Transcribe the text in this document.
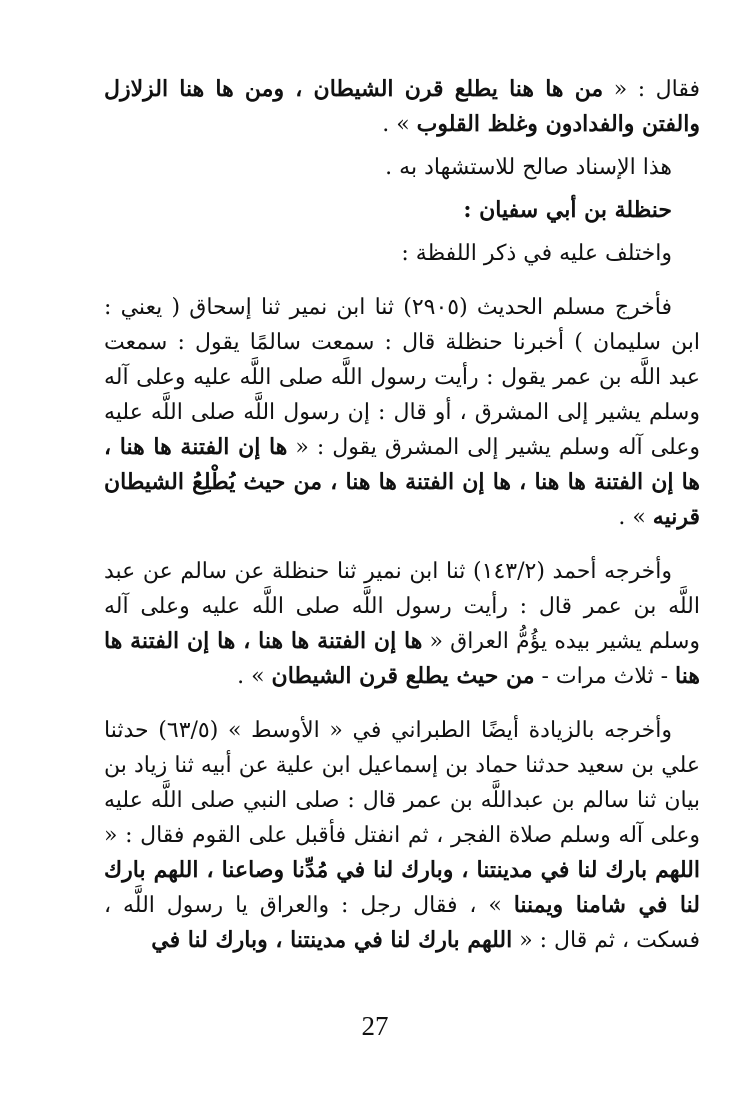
فقال : « من ها هنا يطلع قرن الشيطان ، ومن ها هنا الزلازل والفتن والفدادون وغلظ القلوب » .

هذا الإسناد صالح للاستشهاد به .

حنظلة بن أبي سفيان :

واختلف عليه في ذكر اللفظة :

فأخرج مسلم الحديث (٢٩٠٥) ثنا ابن نمير ثنا إسحاق ( يعني : ابن سليمان ) أخبرنا حنظلة قال : سمعت سالمًا يقول : سمعت عبد اللَّه بن عمر يقول : رأيت رسول اللَّه صلى اللَّه عليه وعلى آله وسلم يشير إلى المشرق ، أو قال : إن رسول اللَّه صلى اللَّه عليه وعلى آله وسلم يشير إلى المشرق يقول : « ها إن الفتنة ها هنا ، ها إن الفتنة ها هنا ، ها إن الفتنة ها هنا ، من حيث يُطْلِعُ الشيطان قرنيه » .

وأخرجه أحمد (١٤٣/٢) ثنا ابن نمير ثنا حنظلة عن سالم عن عبد اللَّه بن عمر قال : رأيت رسول اللَّه صلى اللَّه عليه وعلى آله وسلم يشير بيده يؤُمُّ العراق « ها إن الفتنة ها هنا ، ها إن الفتنة ها هنا - ثلاث مرات - من حيث يطلع قرن الشيطان » .

وأخرجه بالزيادة أيضًا الطبراني في « الأوسط » (٦٣/٥) حدثنا علي بن سعيد حدثنا حماد بن إسماعيل ابن علية عن أبيه ثنا زياد بن بيان ثنا سالم بن عبداللَّه بن عمر قال : صلى النبي صلى اللَّه عليه وعلى آله وسلم صلاة الفجر ، ثم انفتل فأقبل على القوم فقال : « اللهم بارك لنا في مدينتنا ، وبارك لنا في مُدِّنا وصاعنا ، اللهم بارك لنا في شامنا ويمننا » ، فقال رجل : والعراق يا رسول اللَّه ، فسكت ، ثم قال : « اللهم بارك لنا في مدينتنا ، وبارك لنا في

27
